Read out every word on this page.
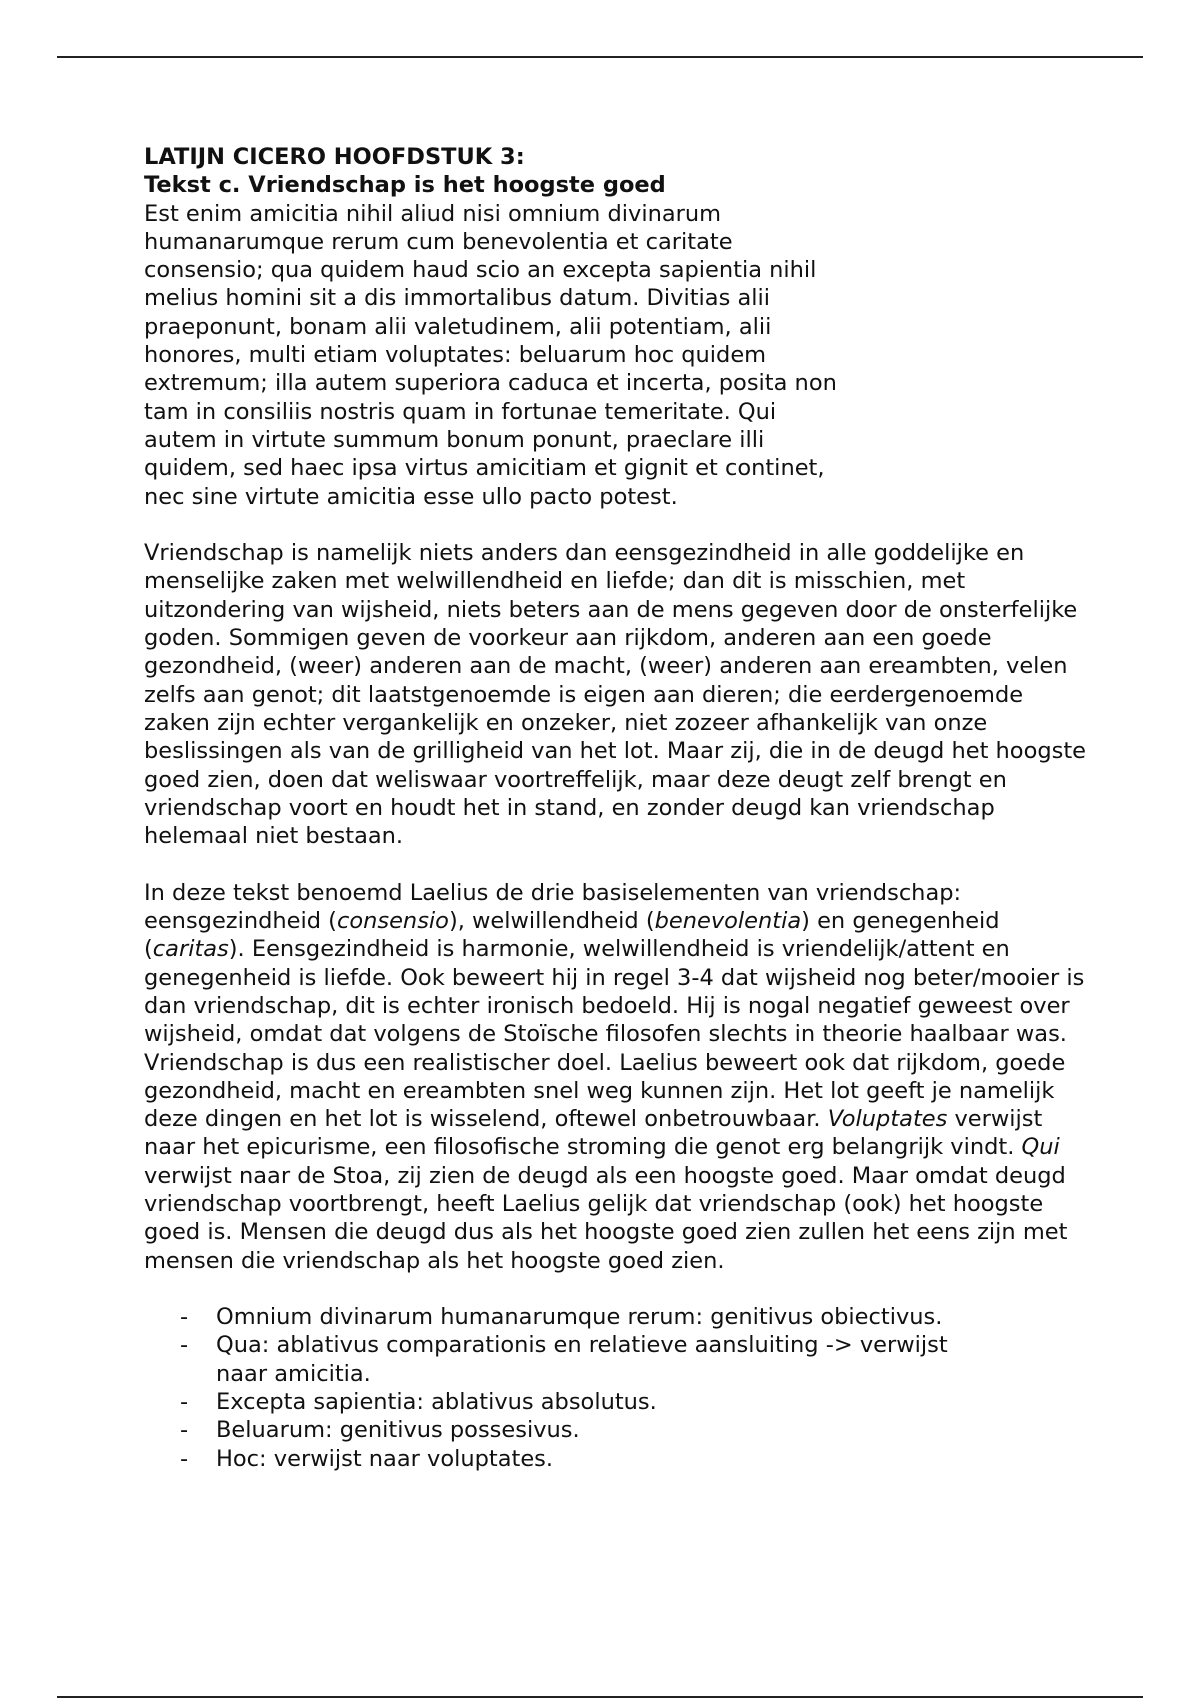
LATIJN CICERO HOOFDSTUK 3:

Tekst c. Vriendschap is het hoogste goed

Est enim amicitia nihil aliud nisi omnium divinarum humanarumque rerum cum benevolentia et caritate consensio; qua quidem haud scio an excepta sapientia nihil melius homini sit a dis immortalibus datum. Divitias alii praeponunt, bonam alii valetudinem, alii potentiam, alii honores, multi etiam voluptates: beluarum hoc quidem extremum; illa autem superiora caduca et incerta, posita non tam in consiliis nostris quam in fortunae temeritate. Qui autem in virtute summum bonum ponunt, praeclare illi quidem, sed haec ipsa virtus amicitiam et gignit et continet, nec sine virtute amicitia esse ullo pacto potest.

Vriendschap is namelijk niets anders dan eensgezindheid in alle goddelijke en menselijke zaken met welwillendheid en liefde; dan dit is misschien, met uitzondering van wijsheid, niets beters aan de mens gegeven door de onsterfelijke goden. Sommigen geven de voorkeur aan rijkdom, anderen aan een goede gezondheid, (weer) anderen aan de macht, (weer) anderen aan ereambten, velen zelfs aan genot; dit laatstgenoemde is eigen aan dieren; die eerdergenoemde zaken zijn echter vergankelijk en onzeker, niet zozeer afhankelijk van onze beslissingen als van de grilligheid van het lot. Maar zij, die in de deugd het hoogste goed zien, doen dat weliswaar voortreffelijk, maar deze deugt zelf brengt en vriendschap voort en houdt het in stand, en zonder deugd kan vriendschap helemaal niet bestaan.

In deze tekst benoemd Laelius de drie basiselementen van vriendschap: eensgezindheid (consensio), welwillendheid (benevolentia) en genegenheid (caritas). Eensgezindheid is harmonie, welwillendheid is vriendelijk/attent en genegenheid is liefde. Ook beweert hij in regel 3-4 dat wijsheid nog beter/mooier is dan vriendschap, dit is echter ironisch bedoeld. Hij is nogal negatief geweest over wijsheid, omdat dat volgens de Stoïsche filosofen slechts in theorie haalbaar was. Vriendschap is dus een realistischer doel. Laelius beweert ook dat rijkdom, goede gezondheid, macht en ereambten snel weg kunnen zijn. Het lot geeft je namelijk deze dingen en het lot is wisselend, oftewel onbetrouwbaar. Voluptates verwijst naar het epicurisme, een filosofische stroming die genot erg belangrijk vindt. Qui verwijst naar de Stoa, zij zien de deugd als een hoogste goed. Maar omdat deugd vriendschap voortbrengt, heeft Laelius gelijk dat vriendschap (ook) het hoogste goed is. Mensen die deugd dus als het hoogste goed zien zullen het eens zijn met mensen die vriendschap als het hoogste goed zien.

- Omnium divinarum humanarumque rerum: genitivus obiectivus.
- Qua: ablativus comparationis en relatieve aansluiting -> verwijst naar amicitia.
- Excepta sapientia: ablativus absolutus.
- Beluarum: genitivus possesivus.
- Hoc: verwijst naar voluptates.
